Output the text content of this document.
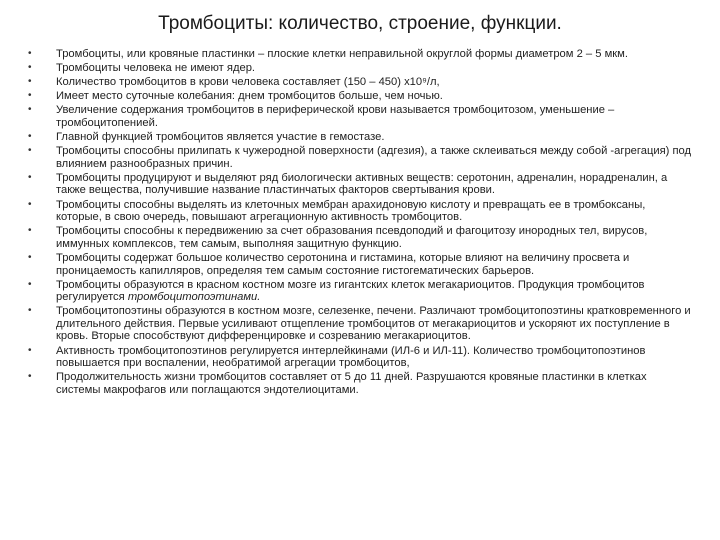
Тромбоциты: количество, строение, функции.
•	Тромбоциты, или кровяные пластинки – плоские клетки неправильной округлой формы диаметром 2 – 5 мкм.
•	Тромбоциты человека не имеют ядер.
•	Количество тромбоцитов в крови человека составляет (150 – 450) х10⁹/л,
•	Имеет место суточные колебания: днем тромбоцитов больше, чем ночью.
•	Увеличение содержания тромбоцитов в периферической крови называется тромбоцитозом, уменьшение – тромбоцитопенией.
•	Главной функцией тромбоцитов является участие в гемостазе.
•	Тромбоциты способны прилипать к чужеродной поверхности (адгезия), а также склеиваться между собой -агрегация) под влиянием разнообразных причин.
•	Тромбоциты продуцируют и выделяют ряд биологически активных веществ: серотонин, адреналин, норадреналин, а также вещества, получившие название пластинчатых факторов свертывания крови.
•	Тромбоциты способны выделять из клеточных мембран арахидоновую кислоту и превращать ее в тромбоксаны, которые, в свою очередь, повышают агрегационную активность тромбоцитов.
•	Тромбоциты способны к передвижению за счет образования псевдоподий и фагоцитозу инородных тел, вирусов, иммунных комплексов, тем самым, выполняя защитную функцию.
•	Тромбоциты содержат большое количество серотонина и гистамина, которые влияют на величину просвета и проницаемость капилляров, определяя тем самым состояние гистогематических барьеров.
•	Тромбоциты образуются в красном костном мозге из гигантских клеток мегакариоцитов. Продукция тромбоцитов регулируется тромбоцитопоэтинами.
•	Тромбоцитопоэтины образуются в костном мозге, селезенке, печени. Различают тромбоцитопоэтины кратковременного и длительного действия. Первые усиливают отщепление тромбоцитов от мегакариоцитов и ускоряют их поступление в кровь. Вторые способствуют дифференцировке и созреванию мегакариоцитов.
•	Активность тромбоцитопоэтинов регулируется интерлейкинами (ИЛ-6 и ИЛ-11). Количество тромбоцитопоэтинов повышается при воспалении, необратимой агрегации тромбоцитов,
•	Продолжительность жизни тромбоцитов составляет от 5 до 11 дней. Разрушаются кровяные пластинки в клетках системы макрофагов или поглащаются эндотелиоцитами.
